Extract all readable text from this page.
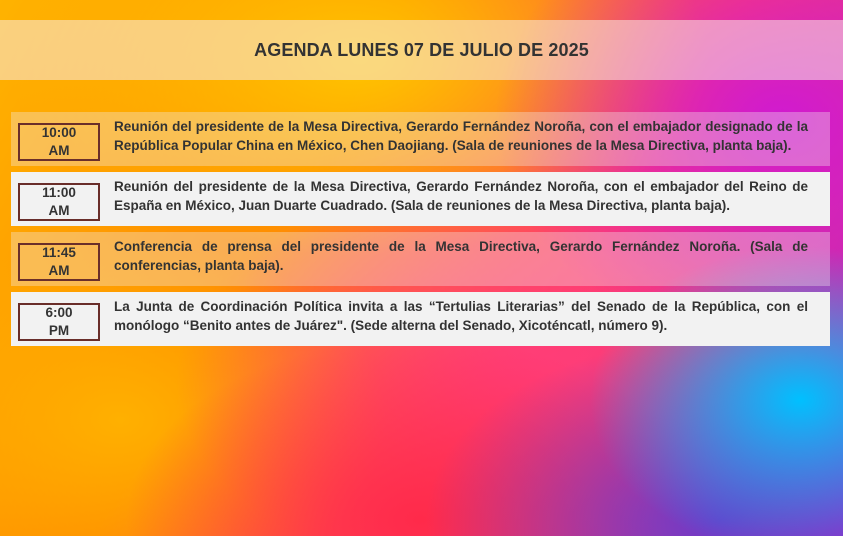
AGENDA LUNES 07 DE JULIO DE 2025
10:00
AM
Reunión del presidente de la Mesa Directiva, Gerardo Fernández Noroña, con el embajador designado de la República Popular China en México, Chen Daojiang. (Sala de reuniones de la Mesa Directiva, planta baja).
11:00
AM
Reunión del presidente de la Mesa Directiva, Gerardo Fernández Noroña, con el embajador del Reino de España en México, Juan Duarte Cuadrado. (Sala de reuniones de la Mesa Directiva, planta baja).
11:45
AM
Conferencia de prensa del presidente de la Mesa Directiva, Gerardo Fernández Noroña. (Sala de conferencias, planta baja).
6:00
PM
La Junta de Coordinación Política invita a las “Tertulias Literarias” del Senado de la República, con el monólogo “Benito antes de Juárez". (Sede alterna del Senado, Xicoténcatl, número 9).
